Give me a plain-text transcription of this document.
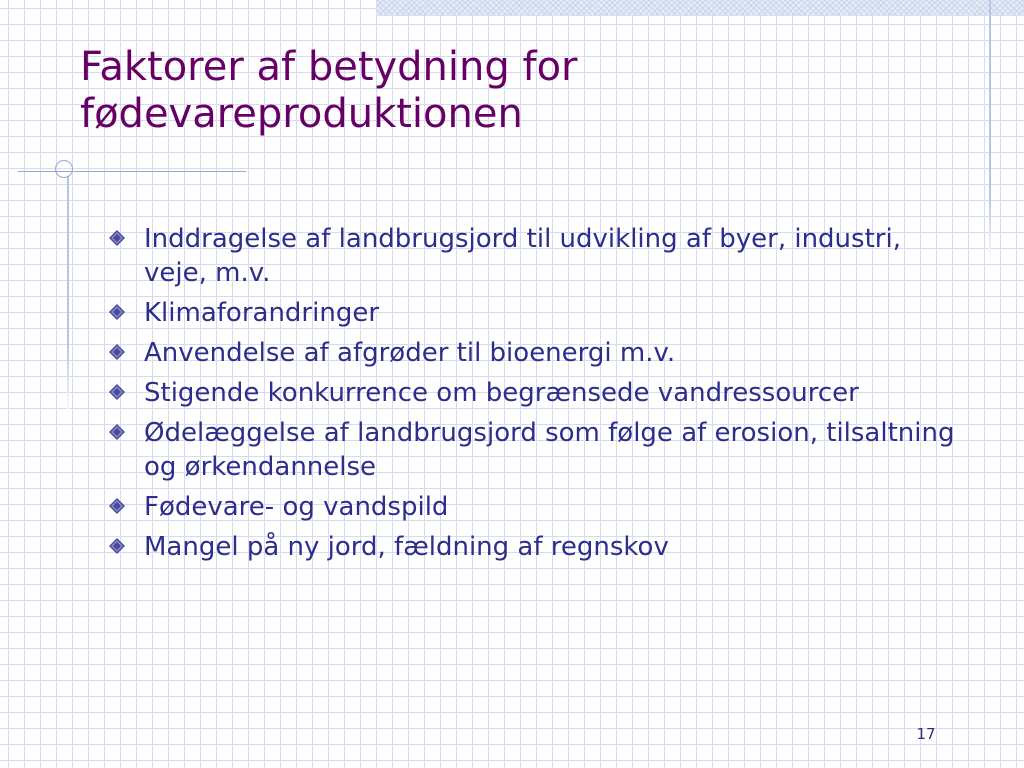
Faktorer af betydning for fødevareproduktionen
Inddragelse af landbrugsjord til udvikling af byer, industri, veje, m.v.
Klimaforandringer
Anvendelse af afgrøder til bioenergi m.v.
Stigende konkurrence om begrænsede vandressourcer
Ødelæggelse af landbrugsjord som følge af erosion, tilsaltning og ørkendannelse
Fødevare- og vandspild
Mangel på ny jord, fældning af regnskov
17
